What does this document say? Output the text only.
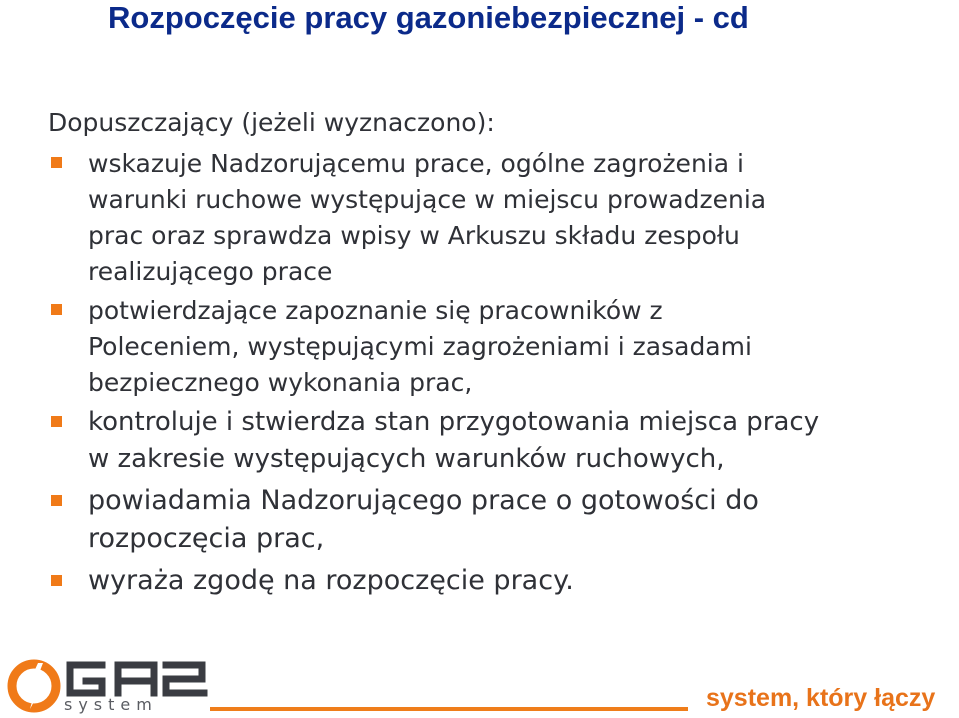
Rozpoczęcie pracy gazoniebezpiecznej - cd
Dopuszczający (jeżeli wyznaczono):
wskazuje Nadzorującemu prace, ogólne zagrożenia i
warunki ruchowe występujące w miejscu prowadzenia
prac oraz sprawdza wpisy w Arkuszu składu zespołu
realizującego prace
potwierdzające zapoznanie się pracowników z
Poleceniem, występującymi zagrożeniami i zasadami
bezpiecznego wykonania prac,
kontroluje i stwierdza stan przygotowania miejsca pracy
w zakresie występujących warunków ruchowych,
powiadamia Nadzorującego prace o gotowości do
rozpoczęcia prac,
wyraża zgodę na rozpoczęcie pracy.
system	system, który łączy
